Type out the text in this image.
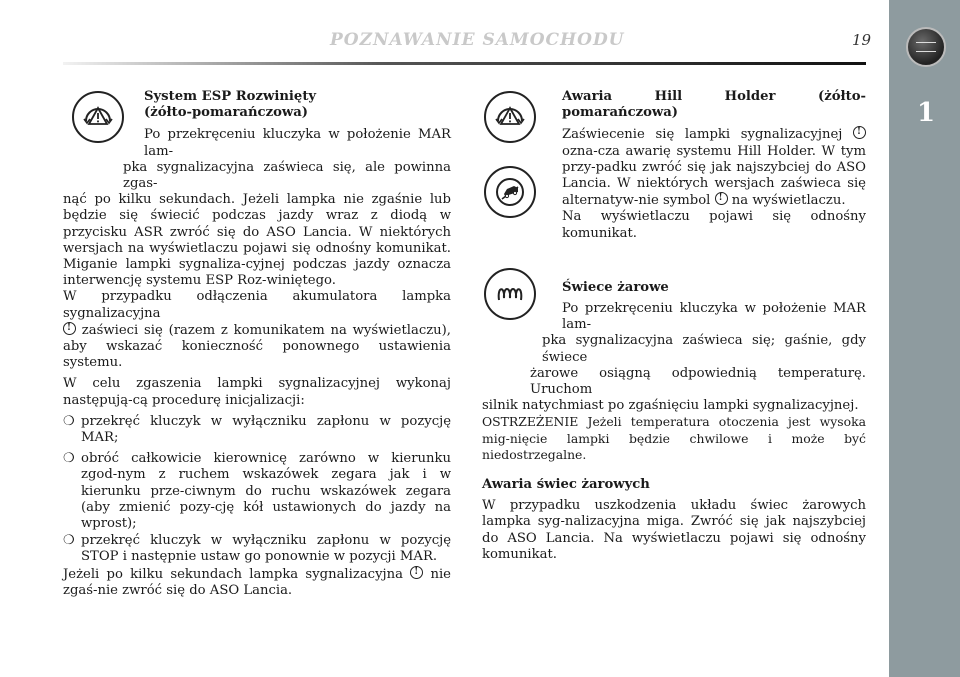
POZNAWANIE SAMOCHODU	19
1

System ESP Rozwinięty

(żółto-pomarańczowa)

Po przekręceniu kluczyka w położenie MAR lam-

pka sygnalizacyjna zaświeca się, ale powinna zgas-

nąć po kilku sekundach. Jeżeli lampka nie zgaśnie lub będzie się świecić podczas jazdy wraz z diodą w przycisku ASR zwróć się do ASO Lancia. W niektórych wersjach na wyświetlaczu pojawi się odnośny komunikat. Miganie lampki sygnaliza-cyjnej podczas jazdy oznacza interwencję systemu ESP Roz-winiętego.

W przypadku odłączenia akumulatora lampka sygnalizacyjna

! zaświeci się (razem z komunikatem na wyświetlaczu), aby wskazać konieczność ponownego ustawienia systemu.

W celu zgaszenia lampki sygnalizacyjnej wykonaj następują-cą procedurę inicjalizacji:

❍ przekręć kluczyk w wyłączniku zapłonu w pozycję MAR;
❍ obróć całkowicie kierownicę zarówno w kierunku zgod-nym z ruchem wskazówek zegara jak i w kierunku prze-ciwnym do ruchu wskazówek zegara (aby zmienić pozy-cję kół ustawionych do jazdy na wprost);
❍ przekręć kluczyk w wyłączniku zapłonu w pozycję STOP i następnie ustaw go ponownie w pozycji MAR.

Jeżeli po kilku sekundach lampka sygnalizacyjna ! nie zgaś-nie zwróć się do ASO Lancia.

Awaria Hill Holder (żółto-pomarańczowa)

Zaświecenie się lampki sygnalizacyjnej ! ozna-cza awarię systemu Hill Holder. W tym przy-padku zwróć się jak najszybciej do ASO Lancia. W niektórych wersjach zaświeca się alternatyw-nie symbol ! na wyświetlaczu.

Na wyświetlaczu pojawi się odnośny komunikat.

Świece żarowe

Po przekręceniu kluczyka w położenie MAR lam-

pka sygnalizacyjna zaświeca się; gaśnie, gdy świece

żarowe osiągną odpowiednią temperaturę. Uruchom

silnik natychmiast po zgaśnięciu lampki sygnalizacyjnej.

OSTRZEŻENIE Jeżeli temperatura otoczenia jest wysoka mig-nięcie lampki będzie chwilowe i może być niedostrzegalne.

Awaria świec żarowych

W przypadku uszkodzenia układu świec żarowych lampka syg-nalizacyjna miga. Zwróć się jak najszybciej do ASO Lancia. Na wyświetlaczu pojawi się odnośny komunikat.
